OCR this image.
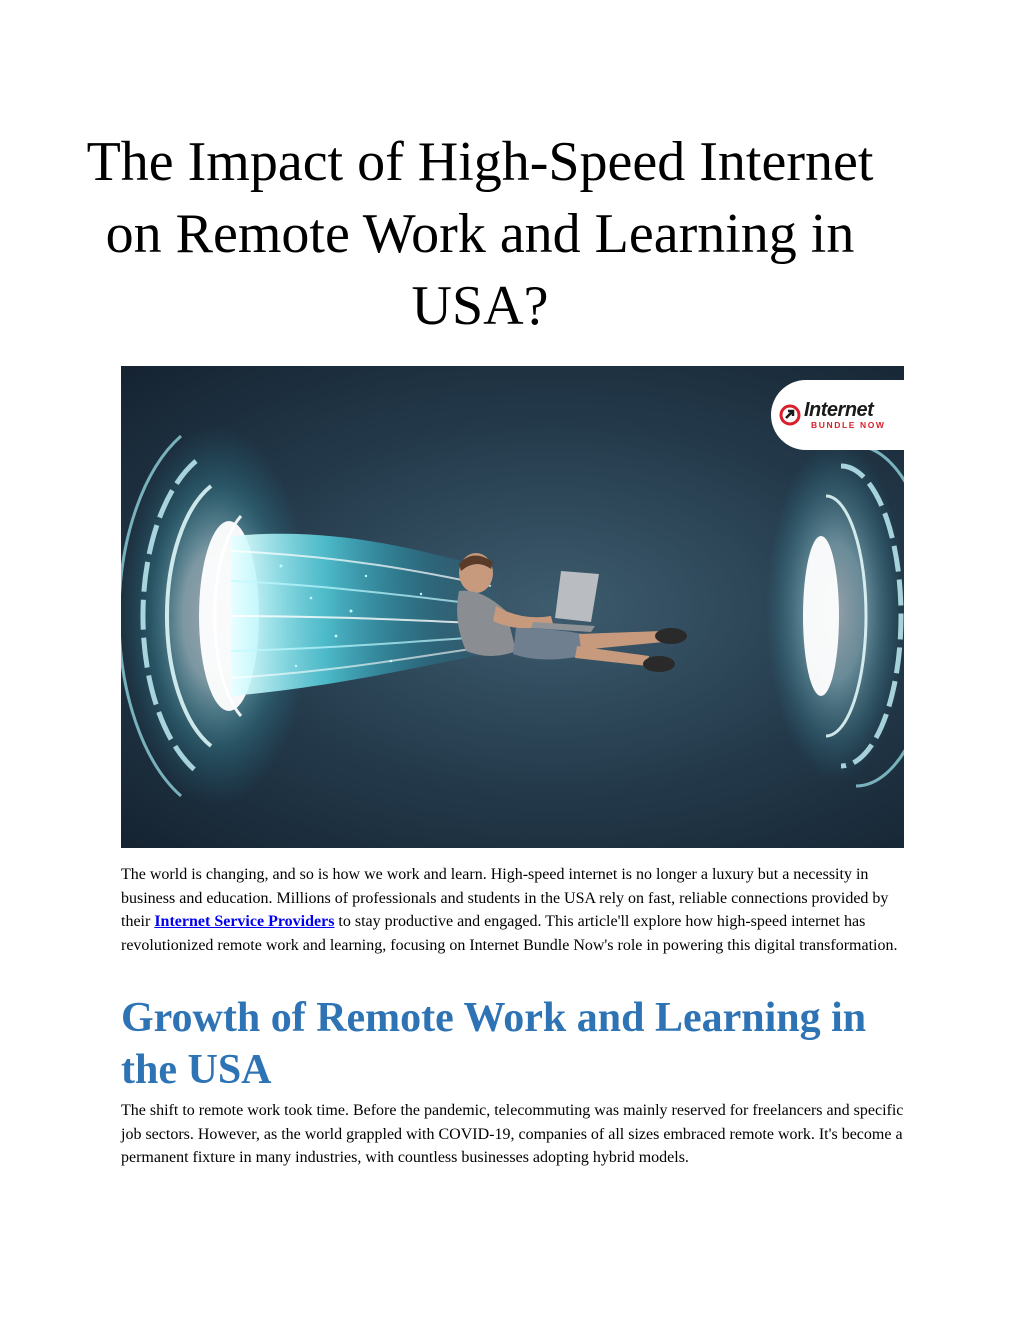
The Impact of High-Speed Internet on Remote Work and Learning in USA?
Internet
BUNDLE NOW

The world is changing, and so is how we work and learn. High-speed internet is no longer a luxury but a necessity in business and education. Millions of professionals and students in the USA rely on fast, reliable connections provided by their Internet Service Providers to stay productive and engaged. This article'll explore how high-speed internet has revolutionized remote work and learning, focusing on Internet Bundle Now's role in powering this digital transformation.

Growth of Remote Work and Learning in the USA

The shift to remote work took time. Before the pandemic, telecommuting was mainly reserved for freelancers and specific job sectors. However, as the world grappled with COVID-19, companies of all sizes embraced remote work. It's become a permanent fixture in many industries, with countless businesses adopting hybrid models.
